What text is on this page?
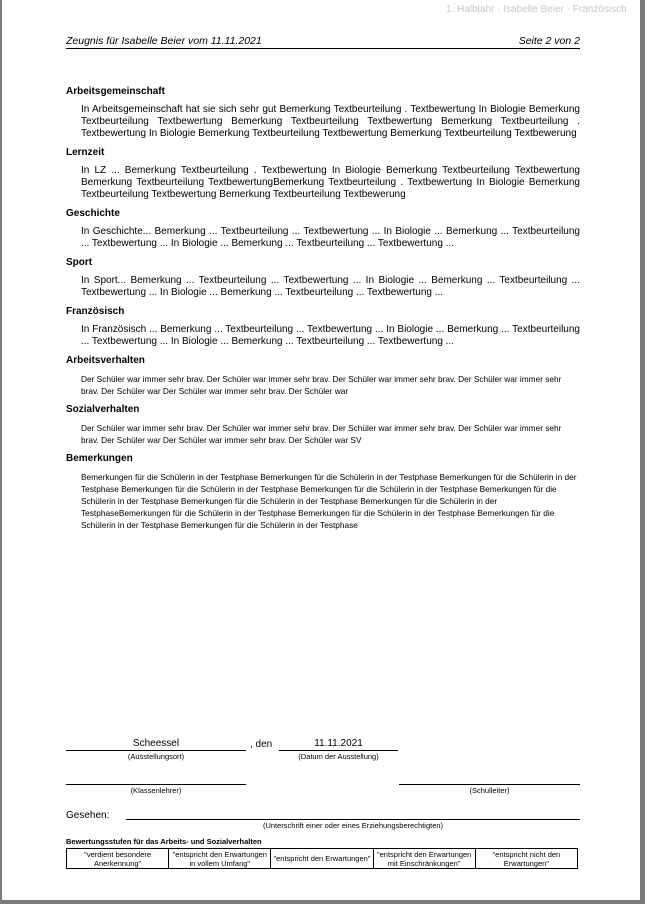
1. Halbjahr · Isabelle Beier · Französisch
Zeugnis für Isabelle Beier vom 11.11.2021	Seite 2 von 2
Arbeitsgemeinschaft
In Arbeitsgemeinschaft hat sie sich sehr gut Bemerkung Textbeurteilung . Textbewertung In Biologie Bemerkung Textbeurteilung Textbewertung Bemerkung Textbeurteilung Textbewertung Bemerkung Textbeurteilung . Textbewertung In Biologie Bemerkung Textbeurteilung Textbewertung Bemerkung Textbeurteilung Textbewerung
Lernzeit
In LZ ... Bemerkung Textbeurteilung . Textbewertung In Biologie Bemerkung Textbeurteilung Textbewertung Bemerkung Textbeurteilung TextbewertungBemerkung Textbeurteilung . Textbewertung In Biologie Bemerkung Textbeurteilung Textbewertung Bemerkung Textbeurteilung Textbewerung
Geschichte
In Geschichte... Bemerkung ... Textbeurteilung ... Textbewertung ... In Biologie ... Bemerkung ... Textbeurteilung ... Textbewertung ... In Biologie ... Bemerkung ... Textbeurteilung ... Textbewertung ...
Sport
In Sport... Bemerkung ... Textbeurteilung ... Textbewertung ... In Biologie ... Bemerkung ... Textbeurteilung ... Textbewertung ... In Biologie ... Bemerkung ... Textbeurteilung ... Textbewertung ...
Französisch
In Französisch ... Bemerkung ... Textbeurteilung ... Textbewertung ... In Biologie ... Bemerkung ... Textbeurteilung ... Textbewertung ... In Biologie ... Bemerkung ... Textbeurteilung ... Textbewertung ...
Arbeitsverhalten
Der Schüler war immer sehr brav. Der Schüler war immer sehr brav. Der Schüler war immer sehr brav. Der Schüler war immer sehr brav. Der Schüler war Der Schüler war immer sehr brav. Der Schüler war
Sozialverhalten
Der Schüler war immer sehr brav. Der Schüler war immer sehr brav. Der Schüler war immer sehr brav. Der Schüler war immer sehr brav. Der Schüler war Der Schüler war immer sehr brav. Der Schüler war SV
Bemerkungen
Bemerkungen für die Schülerin in der Testphase Bemerkungen für die Schülerin in der Testphase Bemerkungen für die Schülerin in der Testphase Bemerkungen für die Schülerin in der Testphase Bemerkungen für die Schülerin in der Testphase Bemerkungen für die Schülerin in der Testphase Bemerkungen für die Schülerin in der Testphase Bemerkungen für die Schülerin in der TestphaseBemerkungen für die Schülerin in der Testphase Bemerkungen für die Schülerin in der Testphase Bemerkungen für die Schülerin in der Testphase Bemerkungen für die Schülerin in der Testphase
Scheessel
(Ausstellungsort)
, den	11.11.2021
(Datum der Ausstellung)
(Klassenlehrer)	(Schulleiter)
Gesehen:
(Unterschrift einer oder eines Erziehungsberechtigten)
Bewertungsstufen für das Arbeits- und Sozialverhalten
"verdient besondere Anerkennung"	"entspricht den Erwartungen in vollem Umfang"	"entspricht den Erwartungen"	"entspricht den Erwartungen mit Einschränkungen"	"entspricht nicht den Erwartungen"
